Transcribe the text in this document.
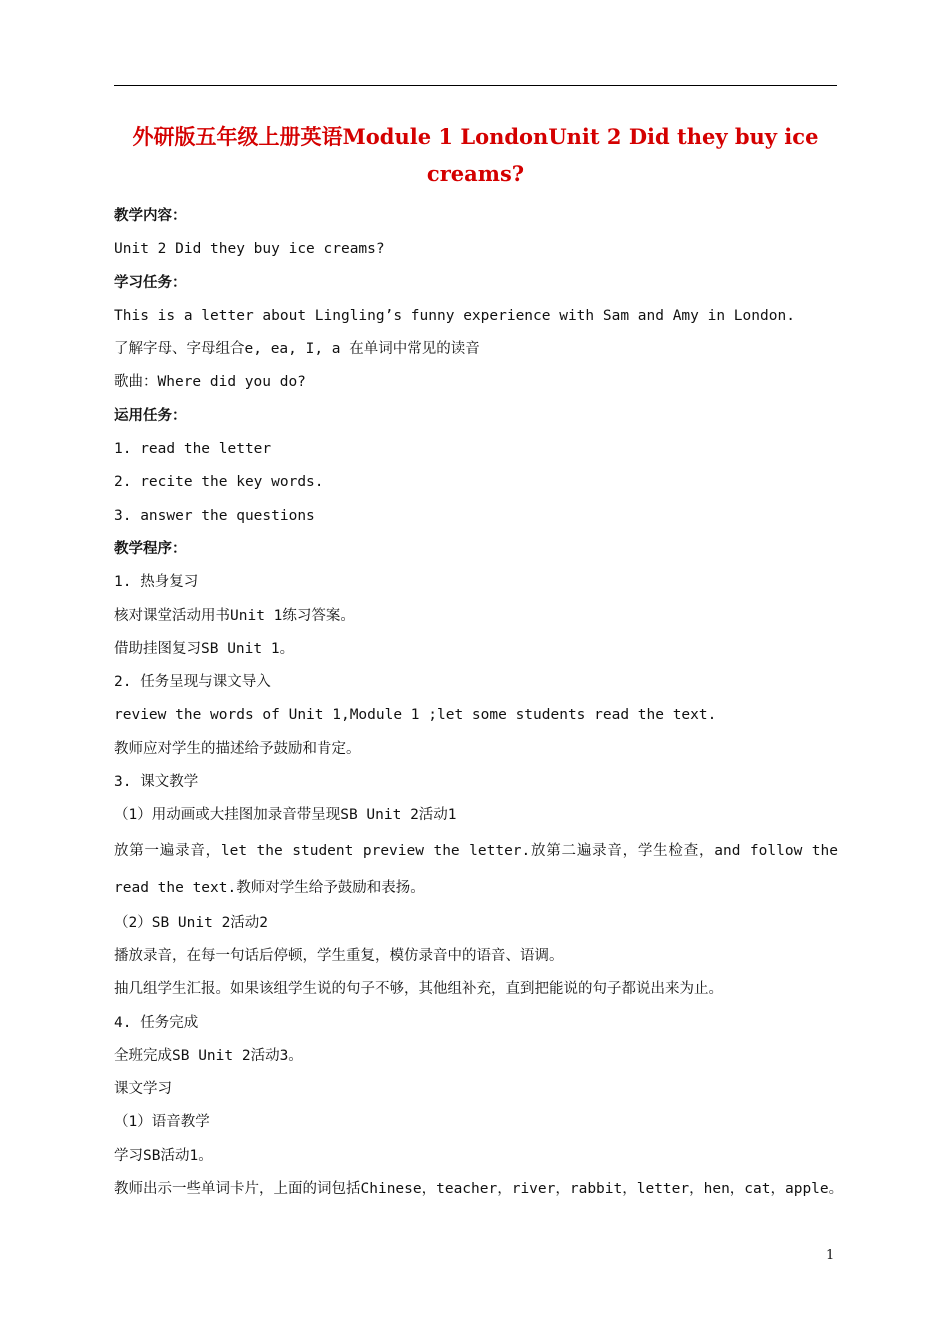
外研版五年级上册英语Module 1 LondonUnit 2 Did they buy ice
creams?
教学内容：
Unit 2 Did they buy ice creams?
学习任务：
This is a letter about Lingling’s funny experience with Sam and Amy in London.
了解字母、字母组合e, ea, I, a 在单词中常见的读音
歌曲：Where did you do?
运用任务：
1. read the letter
2. recite the key words.
3. answer the questions
教学程序：
1. 热身复习
核对课堂活动用书Unit 1练习答案。
借助挂图复习SB Unit 1。
2. 任务呈现与课文导入
review the words of Unit 1,Module 1 ;let some students read the text.
教师应对学生的描述给予鼓励和肯定。
3. 课文教学
（1）用动画或大挂图加录音带呈现SB Unit 2活动1
放第一遍录音，let the student preview the letter.放第二遍录音，学生检查，and follow the
read the text.教师对学生给予鼓励和表扬。
（2）SB Unit 2活动2
播放录音，在每一句话后停顿，学生重复，模仿录音中的语音、语调。
抽几组学生汇报。如果该组学生说的句子不够，其他组补充，直到把能说的句子都说出来为止。
4. 任务完成
全班完成SB Unit 2活动3。
课文学习
（1）语音教学
学习SB活动1。
教师出示一些单词卡片，上面的词包括Chinese，teacher，river，rabbit，letter，hen，cat，apple。
1
